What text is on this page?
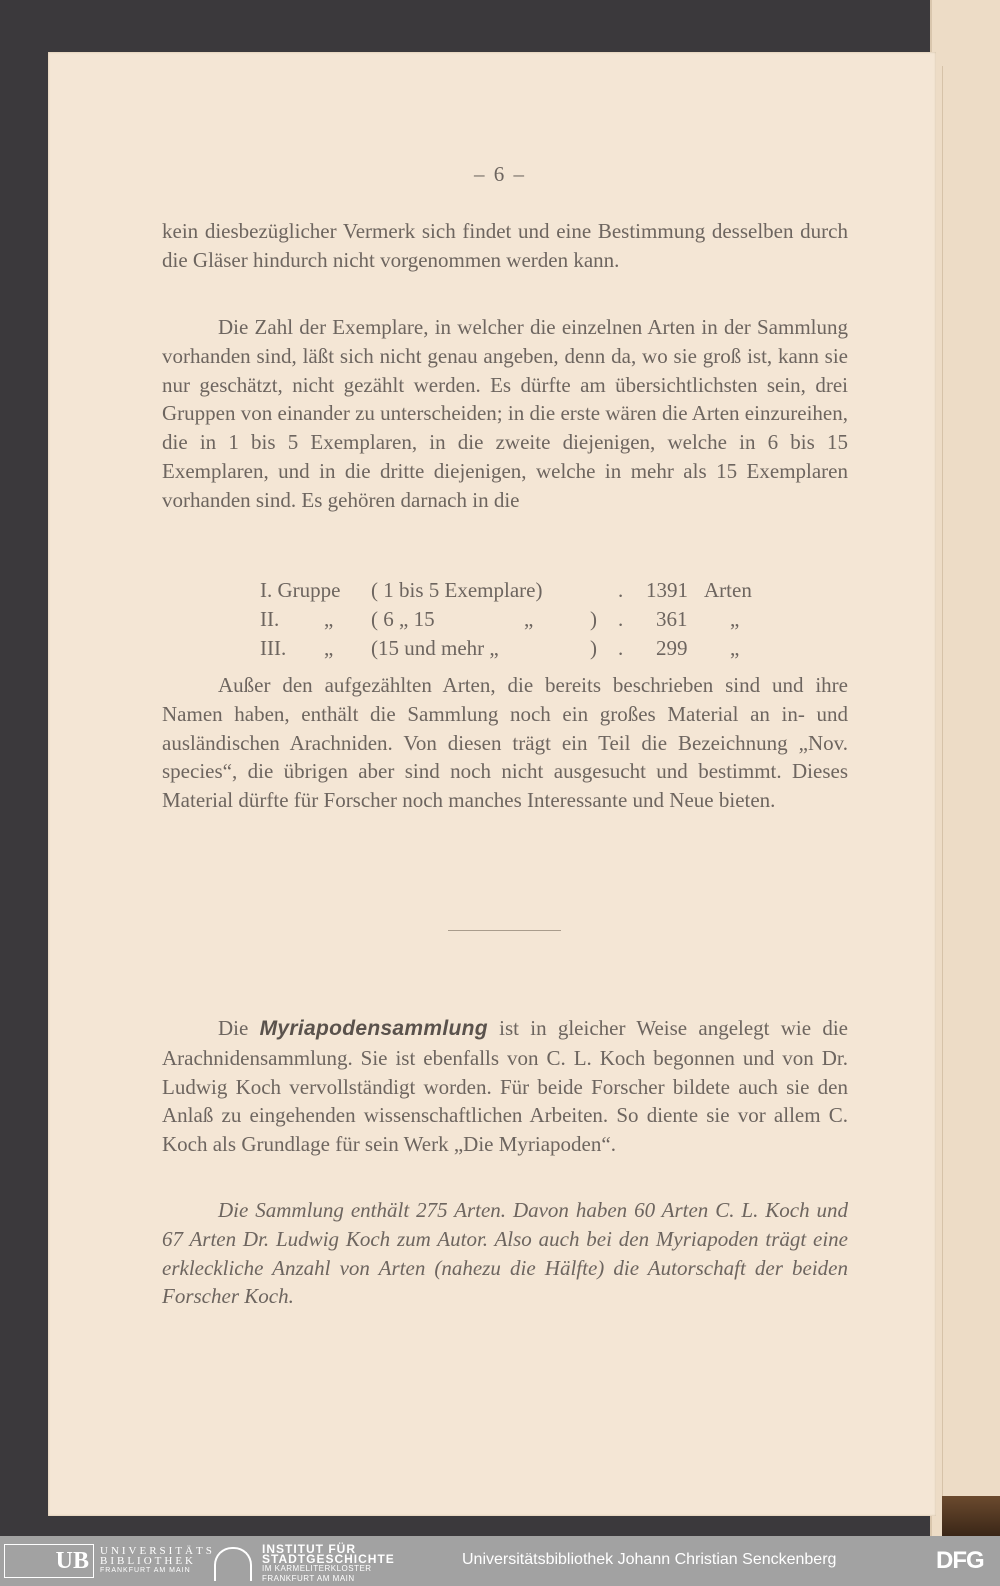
– 6 –

kein diesbezüglicher Vermerk sich findet und eine Bestimmung desselben durch die Gläser hindurch nicht vorgenommen werden kann.

Die Zahl der Exemplare, in welcher die einzelnen Arten in der Sammlung vorhanden sind, läßt sich nicht genau angeben, denn da, wo sie groß ist, kann sie nur geschätzt, nicht gezählt werden. Es dürfte am übersichtlichsten sein, drei Gruppen von einander zu unterscheiden; in die erste wären die Arten einzureihen, die in 1 bis 5 Exemplaren, in die zweite diejenigen, welche in 6 bis 15 Exemplaren, und in die dritte diejenigen, welche in mehr als 15 Exemplaren vorhanden sind. Es gehören darnach in die

I. Gruppe ( 1 bis 5 Exemplare)	. 1391 Arten
II. „ ( 6 „ 15	„	) . 361 „
III. „ (15 und mehr „	) . 299 „

Außer den aufgezählten Arten, die bereits beschrieben sind und ihre Namen haben, enthält die Sammlung noch ein großes Material an in- und ausländischen Arachniden. Von diesen trägt ein Teil die Bezeichnung „Nov. species“, die übrigen aber sind noch nicht ausgesucht und bestimmt. Dieses Material dürfte für Forscher noch manches Interessante und Neue bieten.

Die Myriapodensammlung ist in gleicher Weise angelegt wie die Arachnidensammlung. Sie ist ebenfalls von C. L. Koch begonnen und von Dr. Ludwig Koch vervollständigt worden. Für beide Forscher bildete auch sie den Anlaß zu eingehenden wissenschaftlichen Arbeiten. So diente sie vor allem C. Koch als Grundlage für sein Werk „Die Myriapoden“.

Die Sammlung enthält 275 Arten. Davon haben 60 Arten C. L. Koch und 67 Arten Dr. Ludwig Koch zum Autor. Also auch bei den Myriapoden trägt eine erkleckliche Anzahl von Arten (nahezu die Hälfte) die Autorschaft der beiden Forscher Koch.

UB	UNIVERSITÄTS
BIBLIOTHEK
FRANKFURT AM MAIN
INSTITUT FÜR
STADTGESCHICHTE
IM KARMELITERKLOSTER
FRANKFURT AM MAIN
Universitätsbibliothek Johann Christian Senckenberg	DFG
